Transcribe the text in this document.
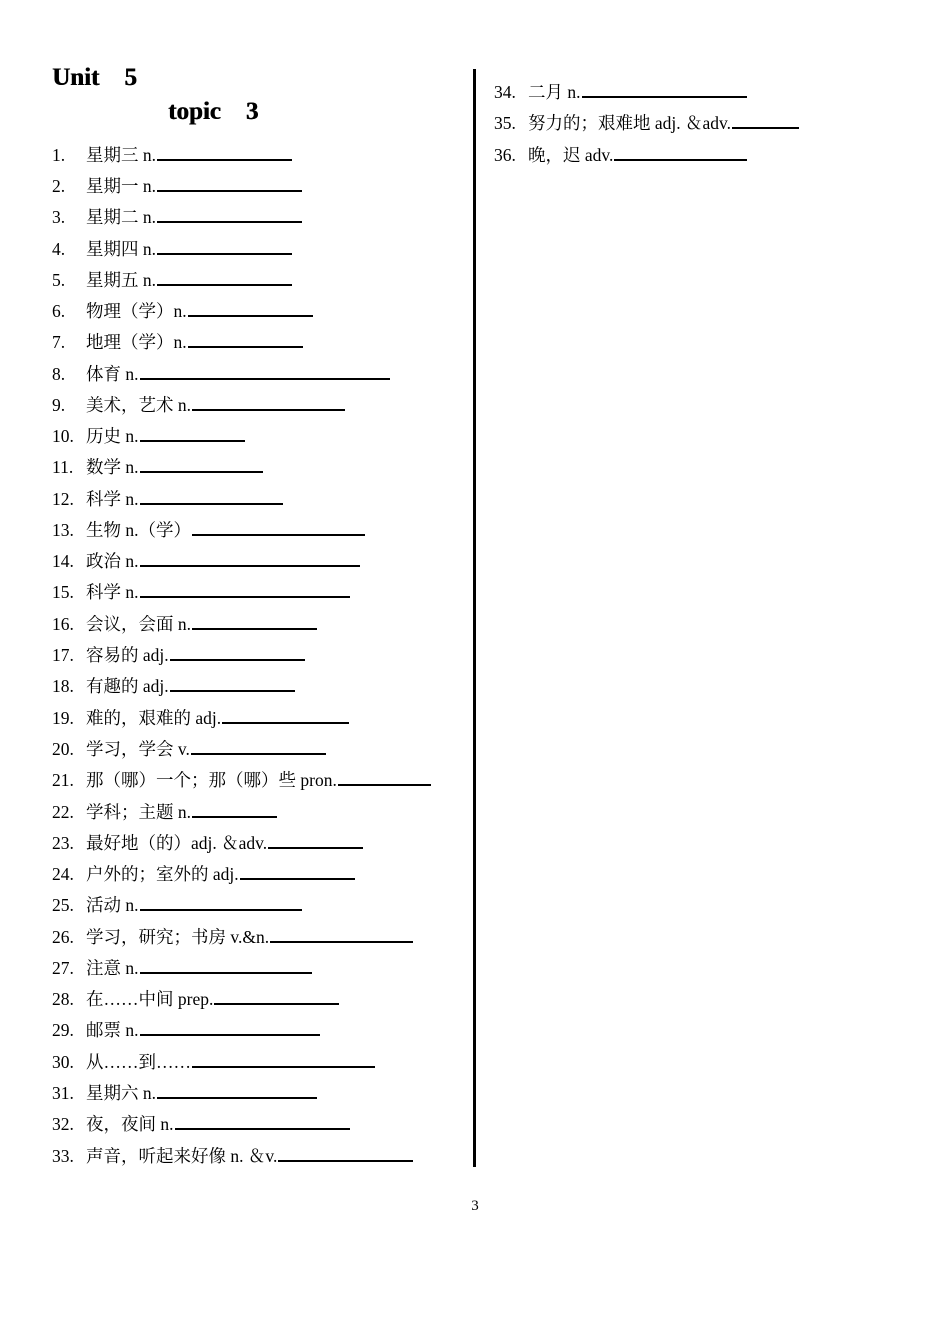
Unit    5
topic    3
1. 星期三 n.
2. 星期一 n.
3. 星期二 n.
4. 星期四 n.
5. 星期五 n.
6. 物理（学）n.
7. 地理（学）n.
8. 体育 n.
9. 美术，艺术 n.
10. 历史 n.
11. 数学 n.
12. 科学 n.
13. 生物 n.（学）
14. 政治 n.
15. 科学 n.
16. 会议，会面 n.
17. 容易的 adj.
18. 有趣的 adj.
19. 难的，艰难的 adj.
20. 学习，学会 v.
21. 那（哪）一个；那（哪）些 pron.
22. 学科；主题 n.
23. 最好地（的）adj. ＆adv.
24. 户外的；室外的 adj.
25. 活动 n.
26. 学习，研究；书房 v.&n.
27. 注意 n.
28. 在……中间 prep.
29. 邮票 n.
30. 从……到……
31. 星期六 n.
32. 夜，夜间 n.
33. 声音，听起来好像 n. ＆v.
34. 二月 n.
35. 努力的；艰难地 adj. ＆adv.
36. 晚，迟 adv.
3
